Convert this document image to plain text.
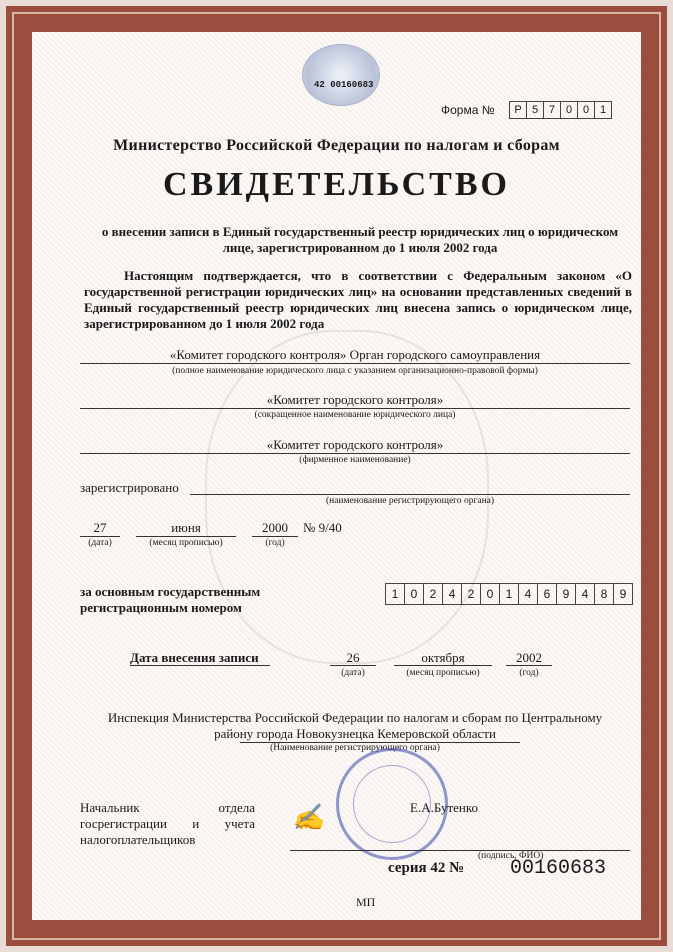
42 00160683
Форма №	Р 5 7 0 0 1
Министерство Российской Федерации по налогам и сборам
СВИДЕТЕЛЬСТВО
о внесении записи в Единый государственный реестр юридических лиц о юридическом лице, зарегистрированном до 1 июля 2002 года
Настоящим подтверждается, что в соответствии с Федеральным законом «О государственной регистрации юридических лиц» на основании представленных сведений в Единый государственный реестр юридических лиц внесена запись о юридическом лице, зарегистрированном до 1 июля 2002 года
«Комитет городского контроля» Орган городского самоуправления
(полное наименование юридического лица с указанием организационно-правовой формы)
«Комитет городского контроля»
(сокращенное наименование юридического лица)
«Комитет городского контроля»
(фирменное наименование)
зарегистрировано
(наименование регистрирующего органа)
27
(дата)
июня
(месяц прописью)
2000
(год)
№ 9/40
за основным государственным
регистрационным номером
1	0	2	4	2	0	1	4	6	9	4	8	9
Дата внесения записи	26
(дата)
октября
(месяц прописью)
2002
(год)
Инспекция Министерства Российской Федерации по налогам и сборам по Центральному
району города Новокузнецка Кемеровской области
(Наименование регистрирующего органа)
Начальник отдела
госрегистрации и учета
налогоплательщиков
✍	Е.А.Бутенко
(подпись, ФИО)
серия 42 № 00160683
МП
